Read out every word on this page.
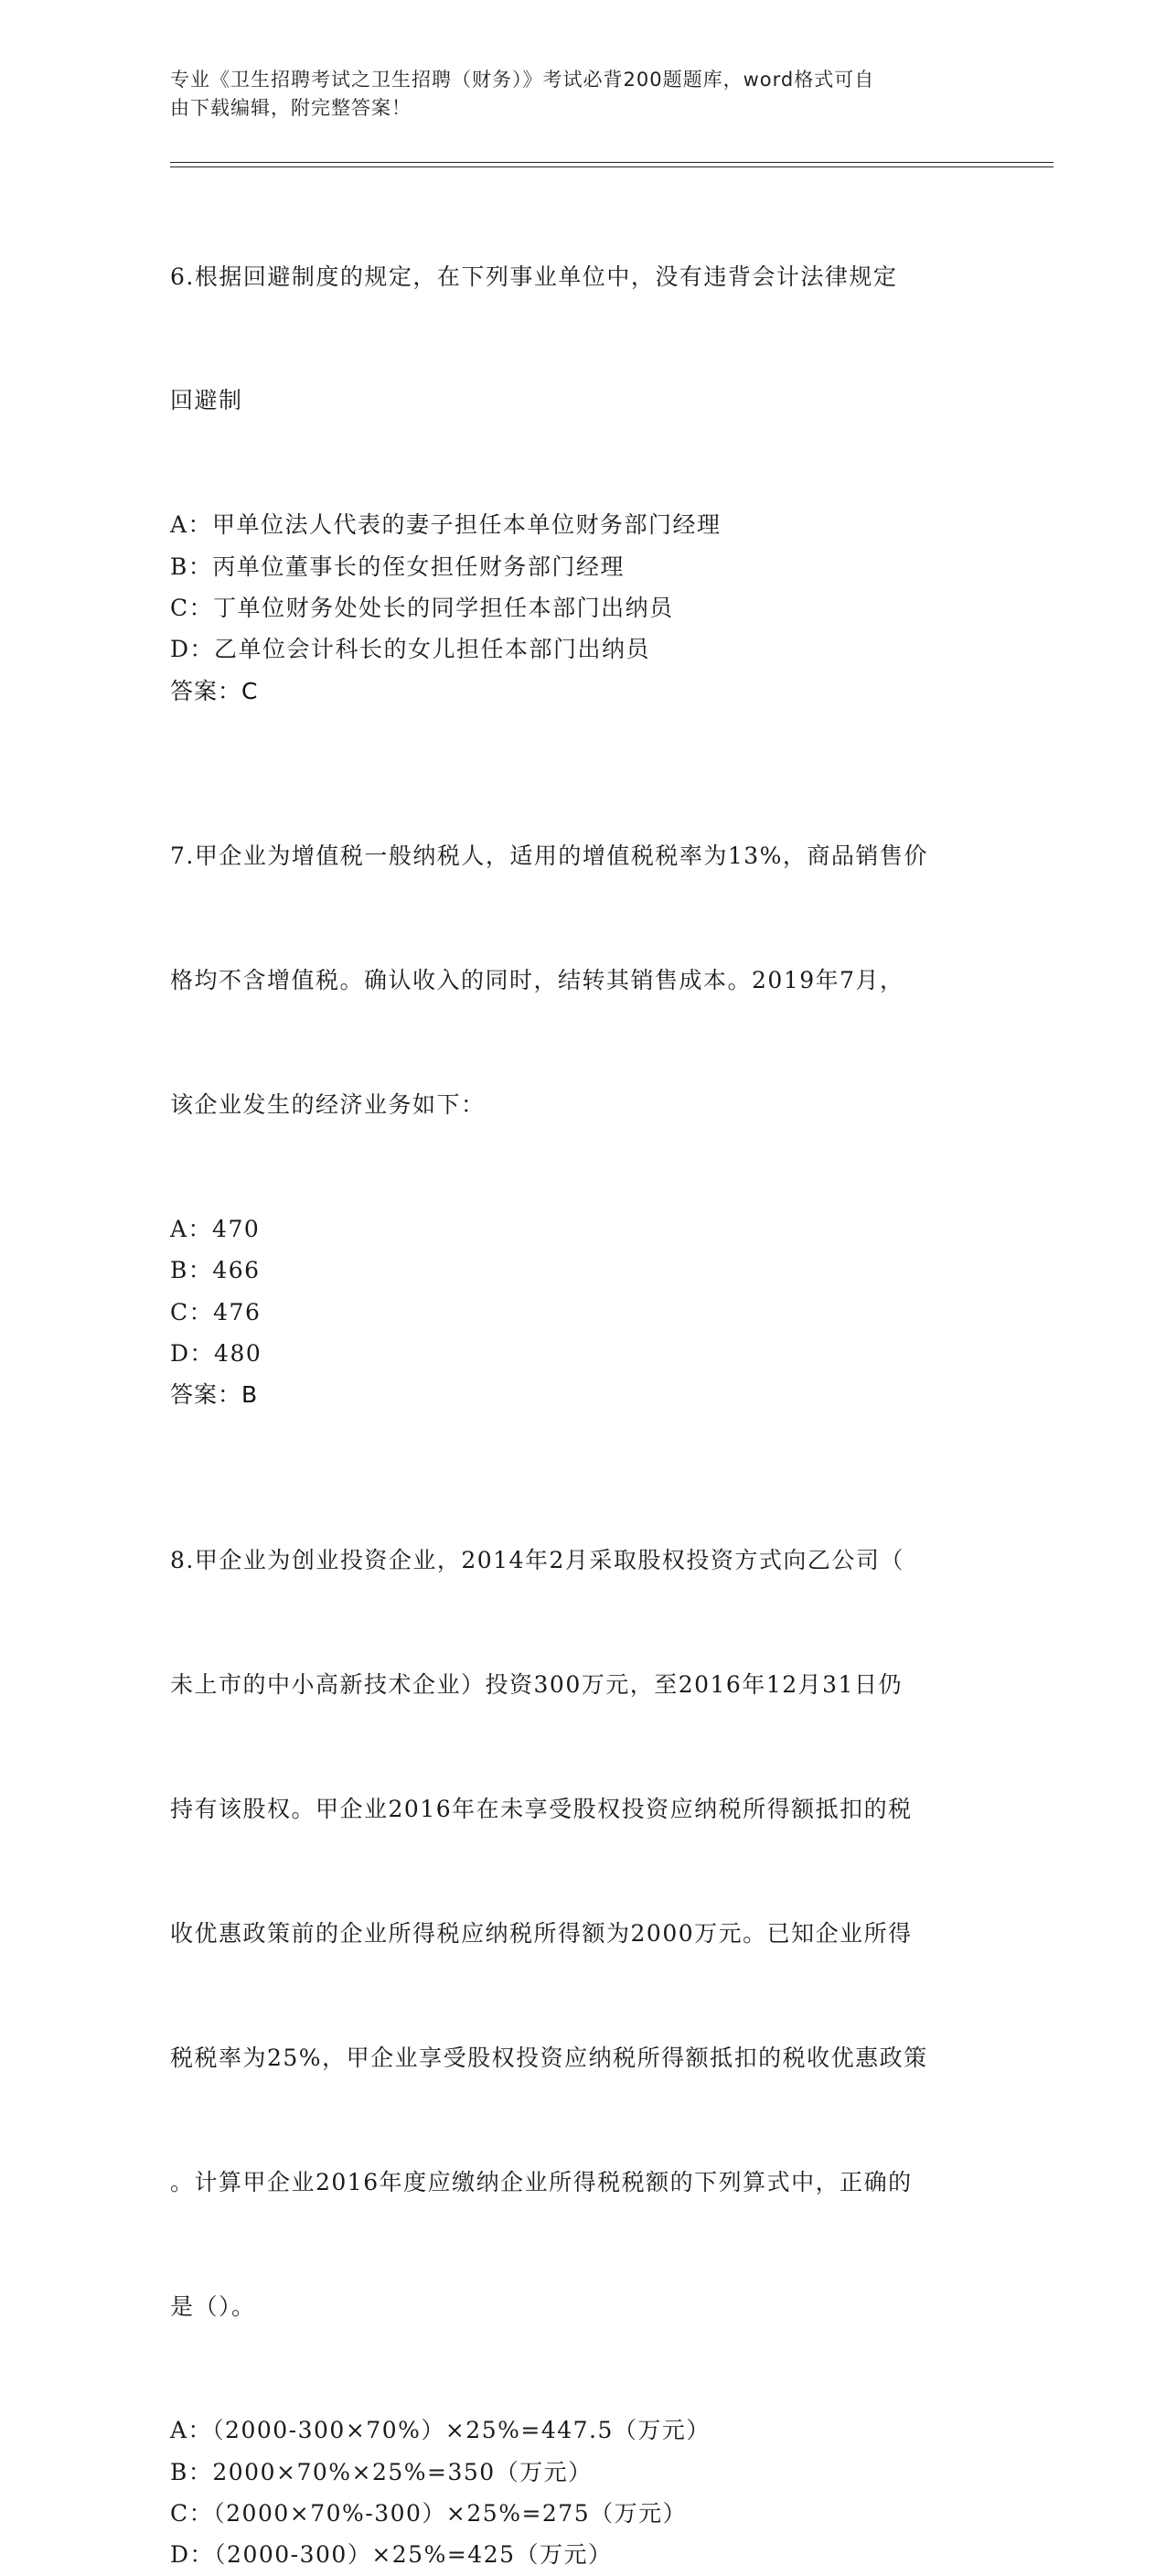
专业《卫生招聘考试之卫生招聘（财务）》考试必背200题题库，word格式可自
由下载编辑，附完整答案！

6.根据回避制度的规定，在下列事业单位中，没有违背会计法律规定

回避制

A：甲单位法人代表的妻子担任本单位财务部门经理

B：丙单位董事长的侄女担任财务部门经理

C：丁单位财务处处长的同学担任本部门出纳员

D：乙单位会计科长的女儿担任本部门出纳员

答案：C

7.甲企业为增值税一般纳税人，适用的增值税税率为13%，商品销售价

格均不含增值税。确认收入的同时，结转其销售成本。2019年7月，

该企业发生的经济业务如下：

A：470

B：466

C：476

D：480

答案：B

8.甲企业为创业投资企业，2014年2月采取股权投资方式向乙公司（

未上市的中小高新技术企业）投资300万元，至2016年12月31日仍

持有该股权。甲企业2016年在未享受股权投资应纳税所得额抵扣的税

收优惠政策前的企业所得税应纳税所得额为2000万元。已知企业所得

税税率为25%，甲企业享受股权投资应纳税所得额抵扣的税收优惠政策

。计算甲企业2016年度应缴纳企业所得税税额的下列算式中，正确的

是（）。

A：（2000-300×70%）×25%=447.5（万元）

B：2000×70%×25%=350（万元）

C：（2000×70%-300）×25%=275（万元）

D：（2000-300）×25%=425（万元）
